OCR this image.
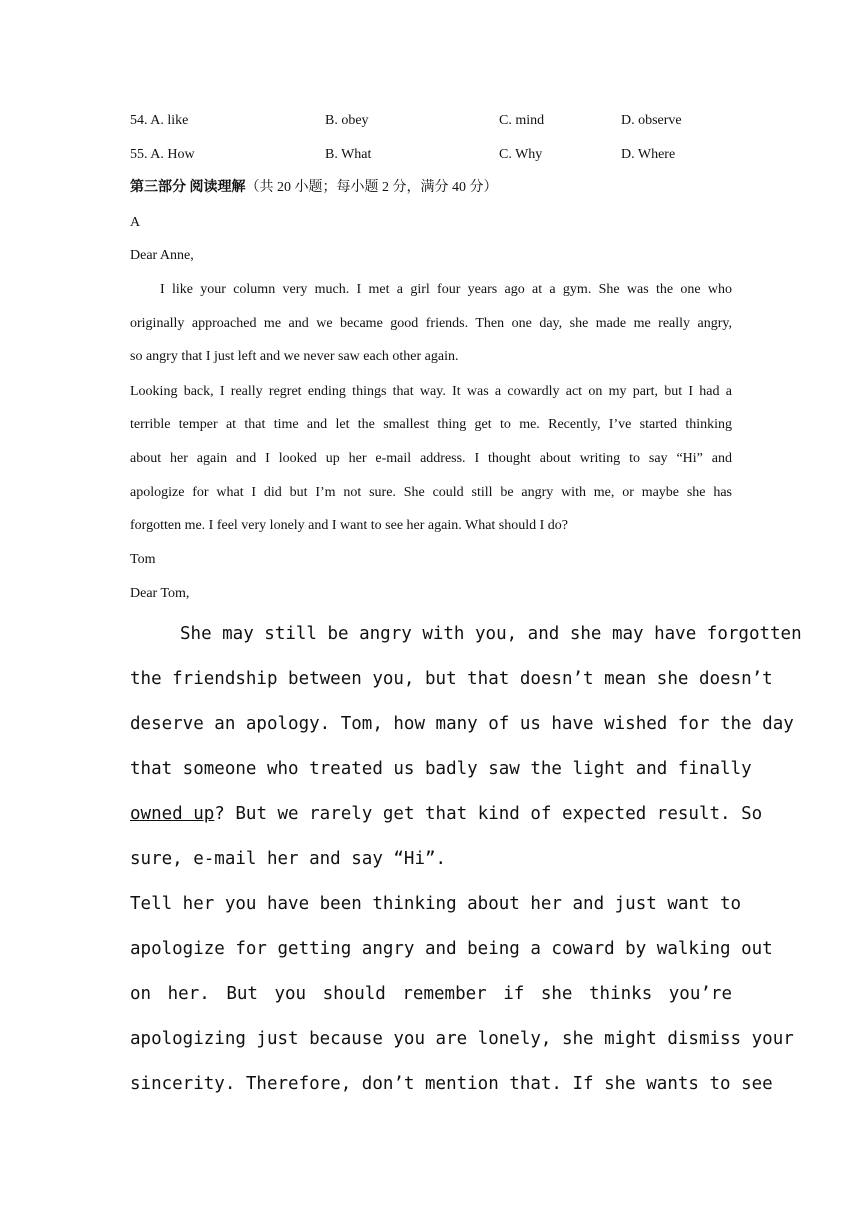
54. A. like	B. obey	C. mind	D. observe
55. A. How	B. What	C. Why	D. Where
第三部分 阅读理解（共 20 小题；每小题 2 分，满分 40 分）
A
Dear Anne,
I like your column very much. I met a girl four years ago at a gym. She was the one who
originally approached me and we became good friends. Then one day, she made me really angry,
so angry that I just left and we never saw each other again.
Looking back, I really regret ending things that way. It was a cowardly act on my part, but I had a
terrible temper at that time and let the smallest thing get to me. Recently, I’ve started thinking
about her again and I looked up her e-mail address. I thought about writing to say “Hi” and
apologize for what I did but I’m not sure. She could still be angry with me, or maybe she has
forgotten me. I feel very lonely and I want to see her again. What should I do?
Tom
Dear Tom,
She may still be angry with you, and she may have forgotten
the friendship between you, but that doesn’t mean she doesn’t
deserve an apology. Tom, how many of us have wished for the day
that someone who treated us badly saw the light and finally
owned up? But we rarely get that kind of expected result. So
sure, e-mail her and say “Hi”.
Tell her you have been thinking about her and just want to
apologize for getting angry and being a coward by walking out
on her. But you should remember if she thinks you’re
apologizing just because you are lonely, she might dismiss your
sincerity. Therefore, don’t mention that. If she wants to see
